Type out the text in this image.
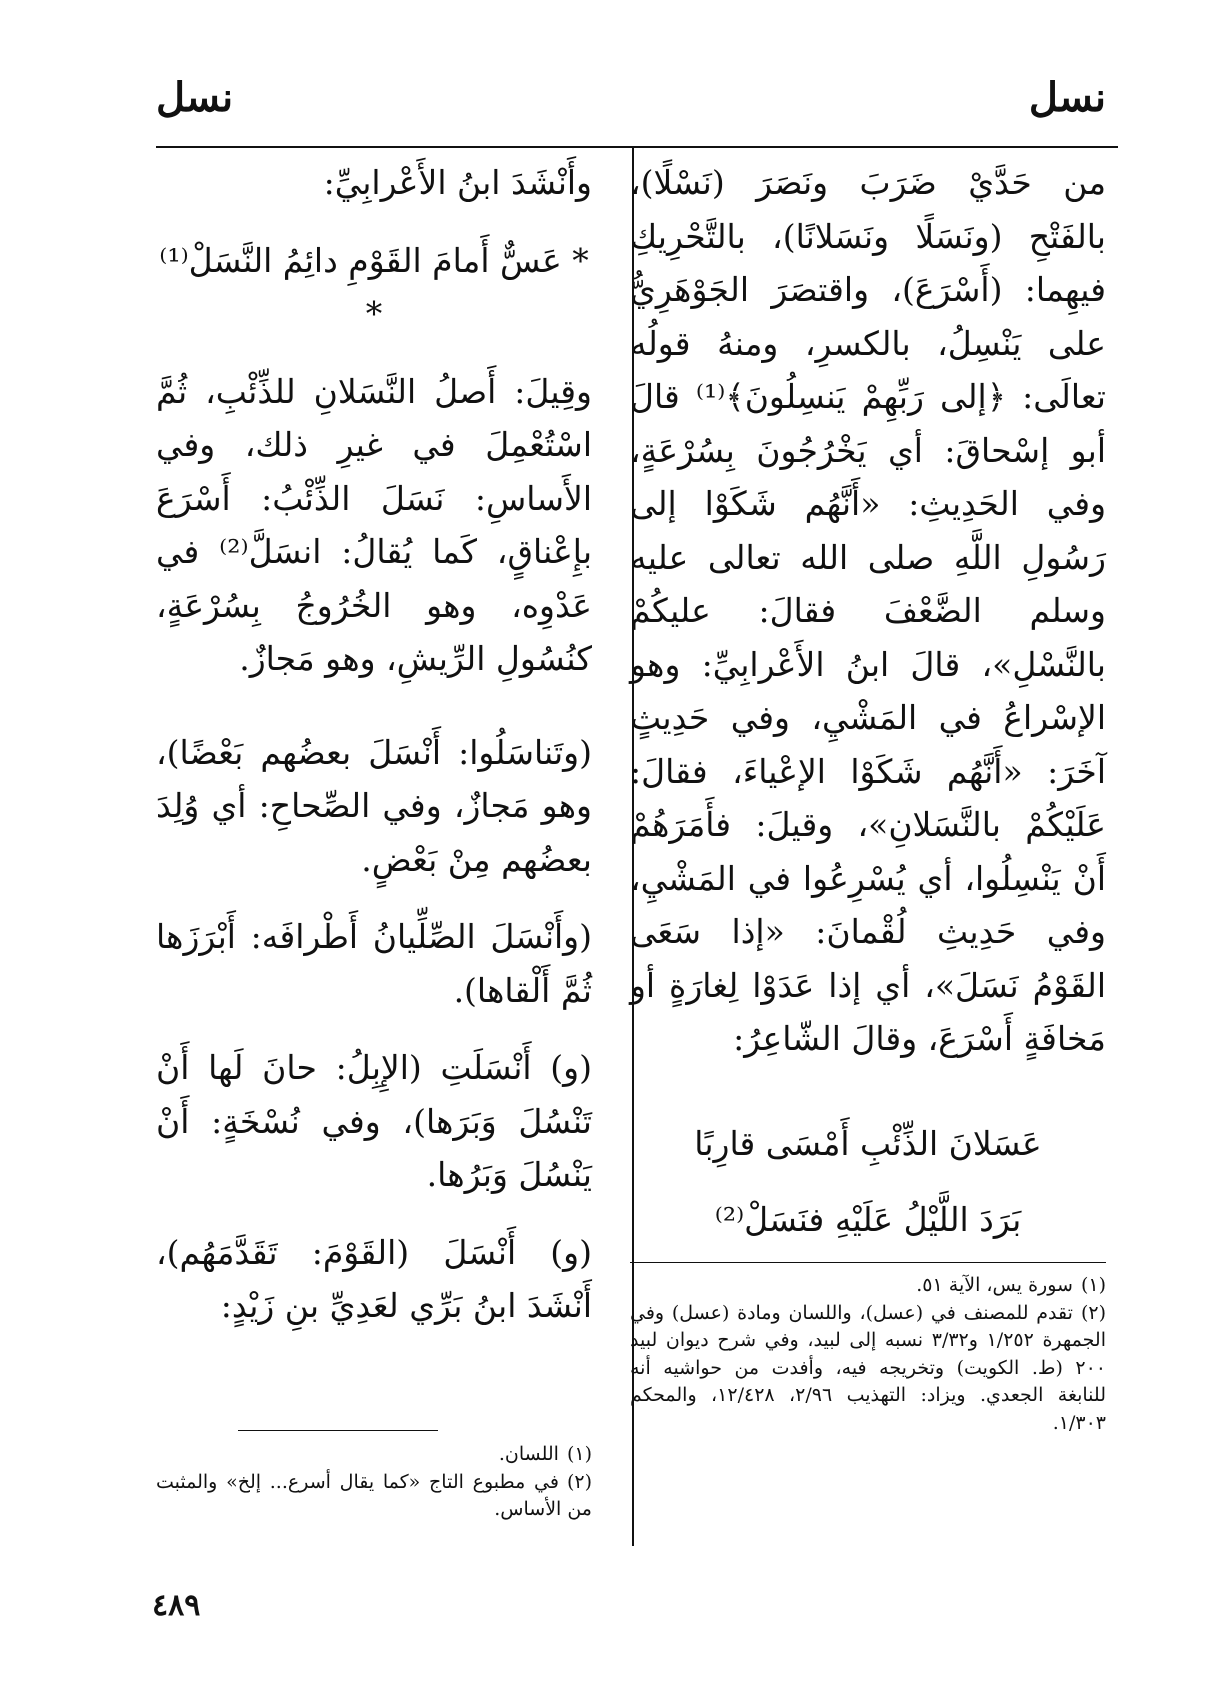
نسل
نسل

من حَدَّيْ ضَرَبَ ونَصَرَ (نَسْلًا)، بالفَتْحِ (ونَسَلًا ونَسَلانًا)، بالتَّحْرِيكِ فيهِما: (أَسْرَعَ)، واقتصَرَ الجَوْهَرِيُّ على يَنْسِلُ، بالكسرِ، ومنهُ قولُه تعالَى: ﴿إلى رَبِّهِمْ يَنسِلُونَ﴾⁽¹⁾ قالَ أبو إسْحاقَ: أي يَخْرُجُونَ بِسُرْعَةٍ، وفي الحَدِيثِ: «أَنَّهُم شَكَوْا إلى رَسُولِ اللَّهِ صلى الله تعالى عليه وسلم الضَّعْفَ فقالَ: عليكُمْ بالنَّسْلِ»، قالَ ابنُ الأَعْرابِيِّ: وهو الإسْراعُ في المَشْيِ، وفي حَدِيثٍ آخَرَ: «أَنَّهُم شَكَوْا الإعْياءَ، فقالَ: عَلَيْكُمْ بالنَّسَلانِ»، وقيلَ: فأَمَرَهُمْ أَنْ يَنْسِلُوا، أي يُسْرِعُوا في المَشْيِ، وفي حَدِيثِ لُقْمانَ: «إذا سَعَى القَوْمُ نَسَلَ»، أي إذا عَدَوْا لِغارَةٍ أو مَخافَةٍ أَسْرَعَ، وقالَ الشّاعِرُ:

عَسَلانَ الذِّئْبِ أَمْسَى قارِبًا
بَرَدَ اللَّيْلُ عَلَيْهِ فنَسَلْ⁽²⁾

وأَنْشَدَ ابنُ الأَعْرابِيِّ:

* عَسٌّ أَمامَ القَوْمِ دائِمُ النَّسَلْ⁽¹⁾ *

وقِيلَ: أَصلُ النَّسَلانِ للذِّئْبِ، ثُمَّ اسْتُعْمِلَ في غيرِ ذلك، وفي الأَساسِ: نَسَلَ الذِّئْبُ: أَسْرَعَ بإِعْناقٍ، كَما يُقالُ: انسَلَّ⁽²⁾ في عَدْوِه، وهو الخُرُوجُ بِسُرْعَةٍ، كنُسُولِ الرِّيشِ، وهو مَجازٌ.

(وتَناسَلُوا: أَنْسَلَ بعضُهم بَعْضًا)، وهو مَجازٌ، وفي الصِّحاحِ: أي وُلِدَ بعضُهم مِنْ بَعْضٍ.

(وأَنْسَلَ الصِّلِّيانُ أَطْرافَه: أَبْرَزَها ثُمَّ أَلْقاها).

(و) أَنْسَلَتِ (الإِبِلُ: حانَ لَها أَنْ تَنْسُلَ وَبَرَها)، وفي نُسْخَةٍ: أَنْ يَنْسُلَ وَبَرُها.

(و) أَنْسَلَ (القَوْمَ: تَقَدَّمَهُم)، أَنْشَدَ ابنُ بَرِّي لعَدِيِّ بنِ زَيْدٍ:

(١)سورة يس، الآية ٥١.
(٢)تقدم للمصنف في (عسل)، واللسان ومادة (عسل) وفي الجمهرة ١/٢٥٢ و٣/٣٢ نسبه إلى لبيد، وفي شرح ديوان لبيد ٢٠٠ (ط. الكويت) وتخريجه فيه، وأفدت من حواشيه أنه للنابغة الجعدي. ويزاد: التهذيب ٢/٩٦، ١٢/٤٢٨، والمحكم ١/٣٠٣.
(١)اللسان.
(٢)في مطبوع التاج «كما يقال أسرع... إلخ» والمثبت من الأساس.
٤٨٩
